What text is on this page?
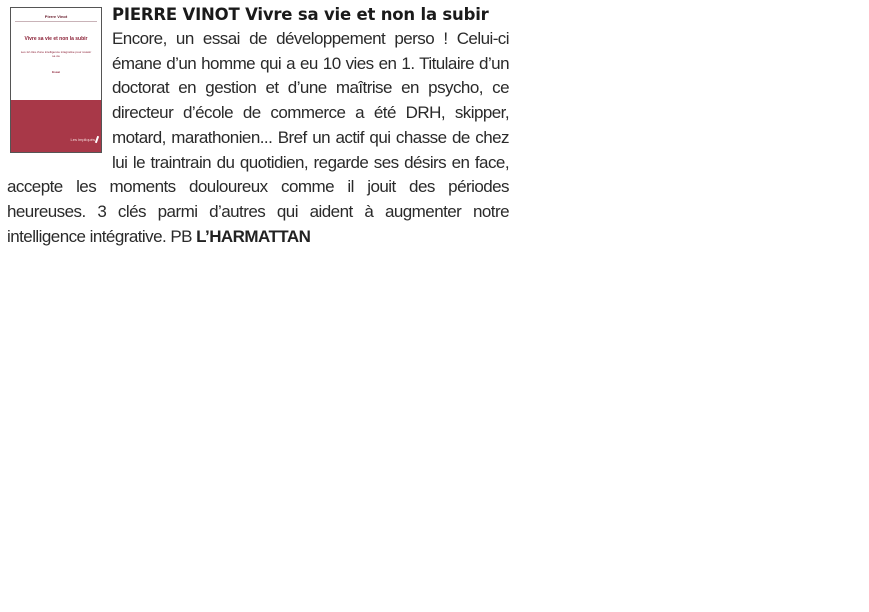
Pierre Vinot
Vivre sa vie et non la subir
Les 12 clés d'une intelligence intégrative pour réussir sa vie
Essai
Les impliqués
PIERRE VINOT Vivre sa vie et non la subir
Encore, un essai de développement perso ! Celui-ci émane d’un homme qui a eu 10 vies en 1. Titulaire d’un doctorat en gestion et d’une maîtrise en psycho, ce directeur d’école de commerce a été DRH, skipper, motard, marathonien... Bref un actif qui chasse de chez lui le traintrain du quotidien, regarde ses désirs en face, accepte les moments douloureux comme il jouit des périodes heureuses. 3 clés parmi d’autres qui aident à augmenter notre intelligence intégrative. PB L’HARMATTAN
